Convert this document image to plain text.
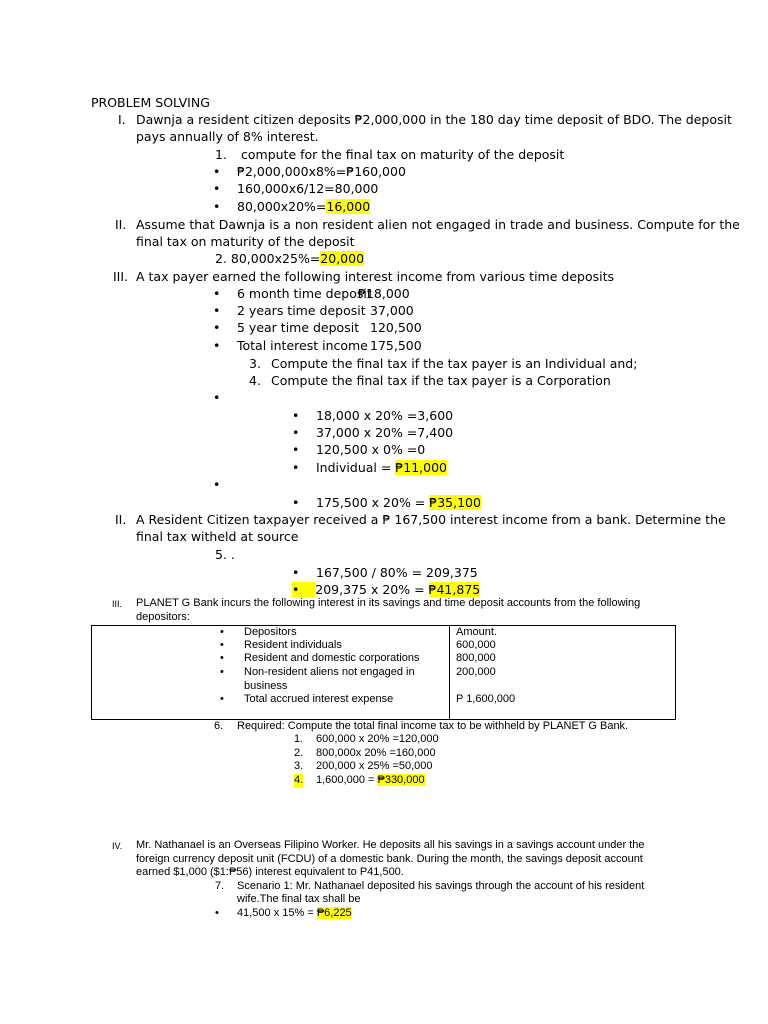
PROBLEM SOLVING
I. Dawnja a resident citizen deposits ₱2,000,000 in the 180 day time deposit of BDO. The deposit
pays annually of 8% interest.
1. compute for the final tax on maturity of the deposit
• ₱2,000,000x8%=₱160,000
• 160,000x6/12=80,000
• 80,000x20%=16,000
II. Assume that Dawnja is a non resident alien not engaged in trade and business. Compute for the
final tax on maturity of the deposit
2. 80,000x25%=20,000
III. A tax payer earned the following interest income from various time deposits
• 6 month time deposit
₱18,000
• 2 years time deposit 37,000
• 5 year time deposit 120,500
• Total interest income 175,500
3. Compute the final tax if the tax payer is an Individual and;
4. Compute the final tax if the tax payer is a Corporation
•
• 18,000 x 20% =3,600
• 37,000 x 20% =7,400
• 120,500 x 0% =0
• Individual = ₱11,000
•
• 175,500 x 20% = ₱35,100
II. A Resident Citizen taxpayer received a ₱ 167,500 interest income from a bank. Determine the
final tax witheld at source
5. .
• 167,500 / 80% = 209,375
•    209,375 x 20% = ₱41,875
III. PLANET G Bank incurs the following interest in its savings and time deposit accounts from the following
depositors:
• Depositors	Amount.
• Resident individuals	600,000
• Resident and domestic corporations	800,000
• Non-resident aliens not engaged in business
200,000
• Total accrued interest expense	P 1,600,000
6. Required: Compute the total final income tax to be withheld by PLANET G Bank.
1. 600,000 x 20% =120,000
2. 800,000x 20% =160,000
3. 200,000 x 25% =50,000
4. 1,600,000 = ₱330,000
IV. Mr. Nathanael is an Overseas Filipino Worker. He deposits all his savings in a savings account under the
foreign currency deposit unit (FCDU) of a domestic bank. During the month, the savings deposit account
earned $1,000 ($1:₱56) interest equivalent to P41,500.
7. Scenario 1: Mr. Nathanael deposited his savings through the account of his resident
wife.The final tax shall be
• 41,500 x 15% = ₱6,225
